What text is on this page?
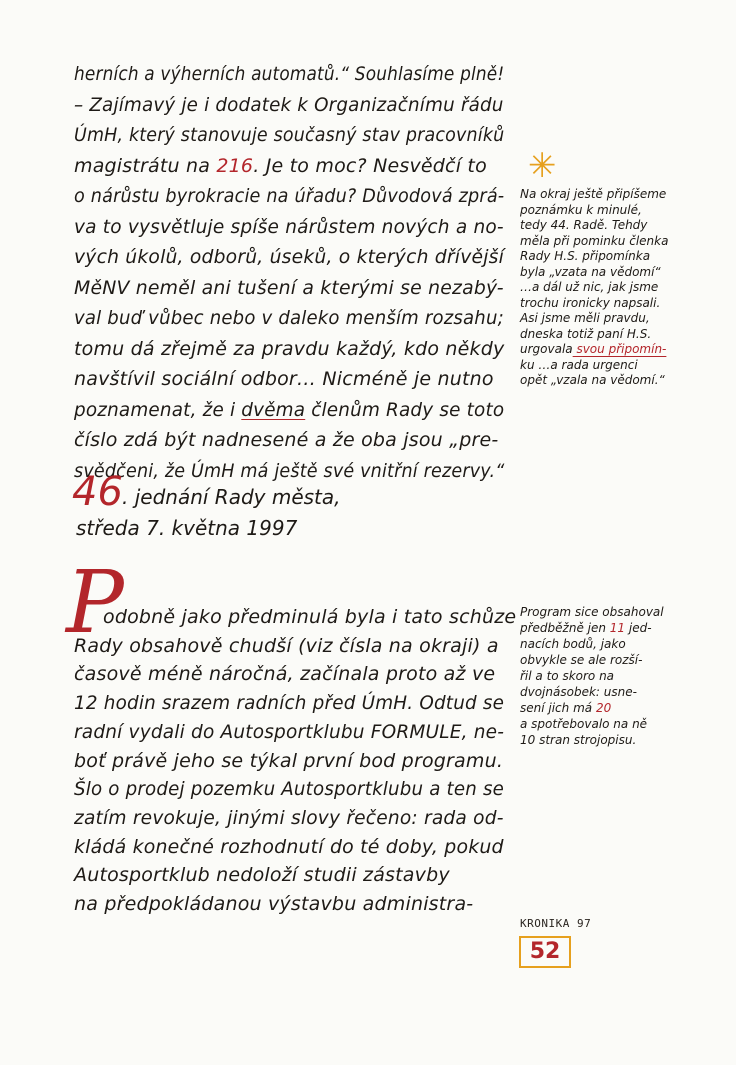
herních a výherních automatů.“ Souhlasíme plně!
– Zajímavý je i dodatek k Organizačnímu řádu
ÚmH, který stanovuje současný stav pracovníků
magistrátu na 216. Je to moc? Nesvědčí to
o nárůstu byrokracie na úřadu? Důvodová zprá-
va to vysvětluje spíše nárůstem nových a no-
vých úkolů, odborů, úseků, o kterých dřívější
MěNV neměl ani tušení a kterými se nezabý-
val buď vůbec nebo v daleko menším rozsahu;
tomu dá zřejmě za pravdu každý, kdo někdy
navštívil sociální odbor… Nicméně je nutno
poznamenat, že i dvěma členům Rady se toto
číslo zdá být nadnesené a že oba jsou „pre-
svědčeni, že ÚmH má ještě své vnitřní rezervy.“
✳
Na okraj ještě připíšeme
poznámku k minulé,
tedy 44. Radě. Tehdy
měla při pominku členka
Rady H.S. připomínka
byla „vzata na vědomí“
…a dál už nic, jak jsme
trochu ironicky napsali.
Asi jsme měli pravdu,
dneska totiž paní H.S.
urgovala svou připomín-
ku …a rada urgenci
opět „vzala na vědomí.“
46 . jednání Rady města,
středa 7. května 1997
P
odobně jako předminulá byla i tato schůze
Rady obsahově chudší (viz čísla na okraji) a
časově méně náročná, začínala proto až ve
12 hodin srazem radních před ÚmH. Odtud se
radní vydali do Autosportklubu FORMULE, ne-
boť právě jeho se týkal první bod programu.
Šlo o prodej pozemku Autosportklubu a ten se
zatím revokuje, jinými slovy řečeno: rada od-
kládá konečné rozhodnutí do té doby, pokud
Autosportklub nedoloží studii zástavby
na předpokládanou výstavbu administra-
Program sice obsahoval
předběžně jen 11 jed-
nacích bodů, jako
obvykle se ale rozší-
řil a to skoro na
dvojnásobek: usne-
sení jich má 20
a spotřebovalo na ně
10 stran strojopisu.
KRONIKA 97
52
